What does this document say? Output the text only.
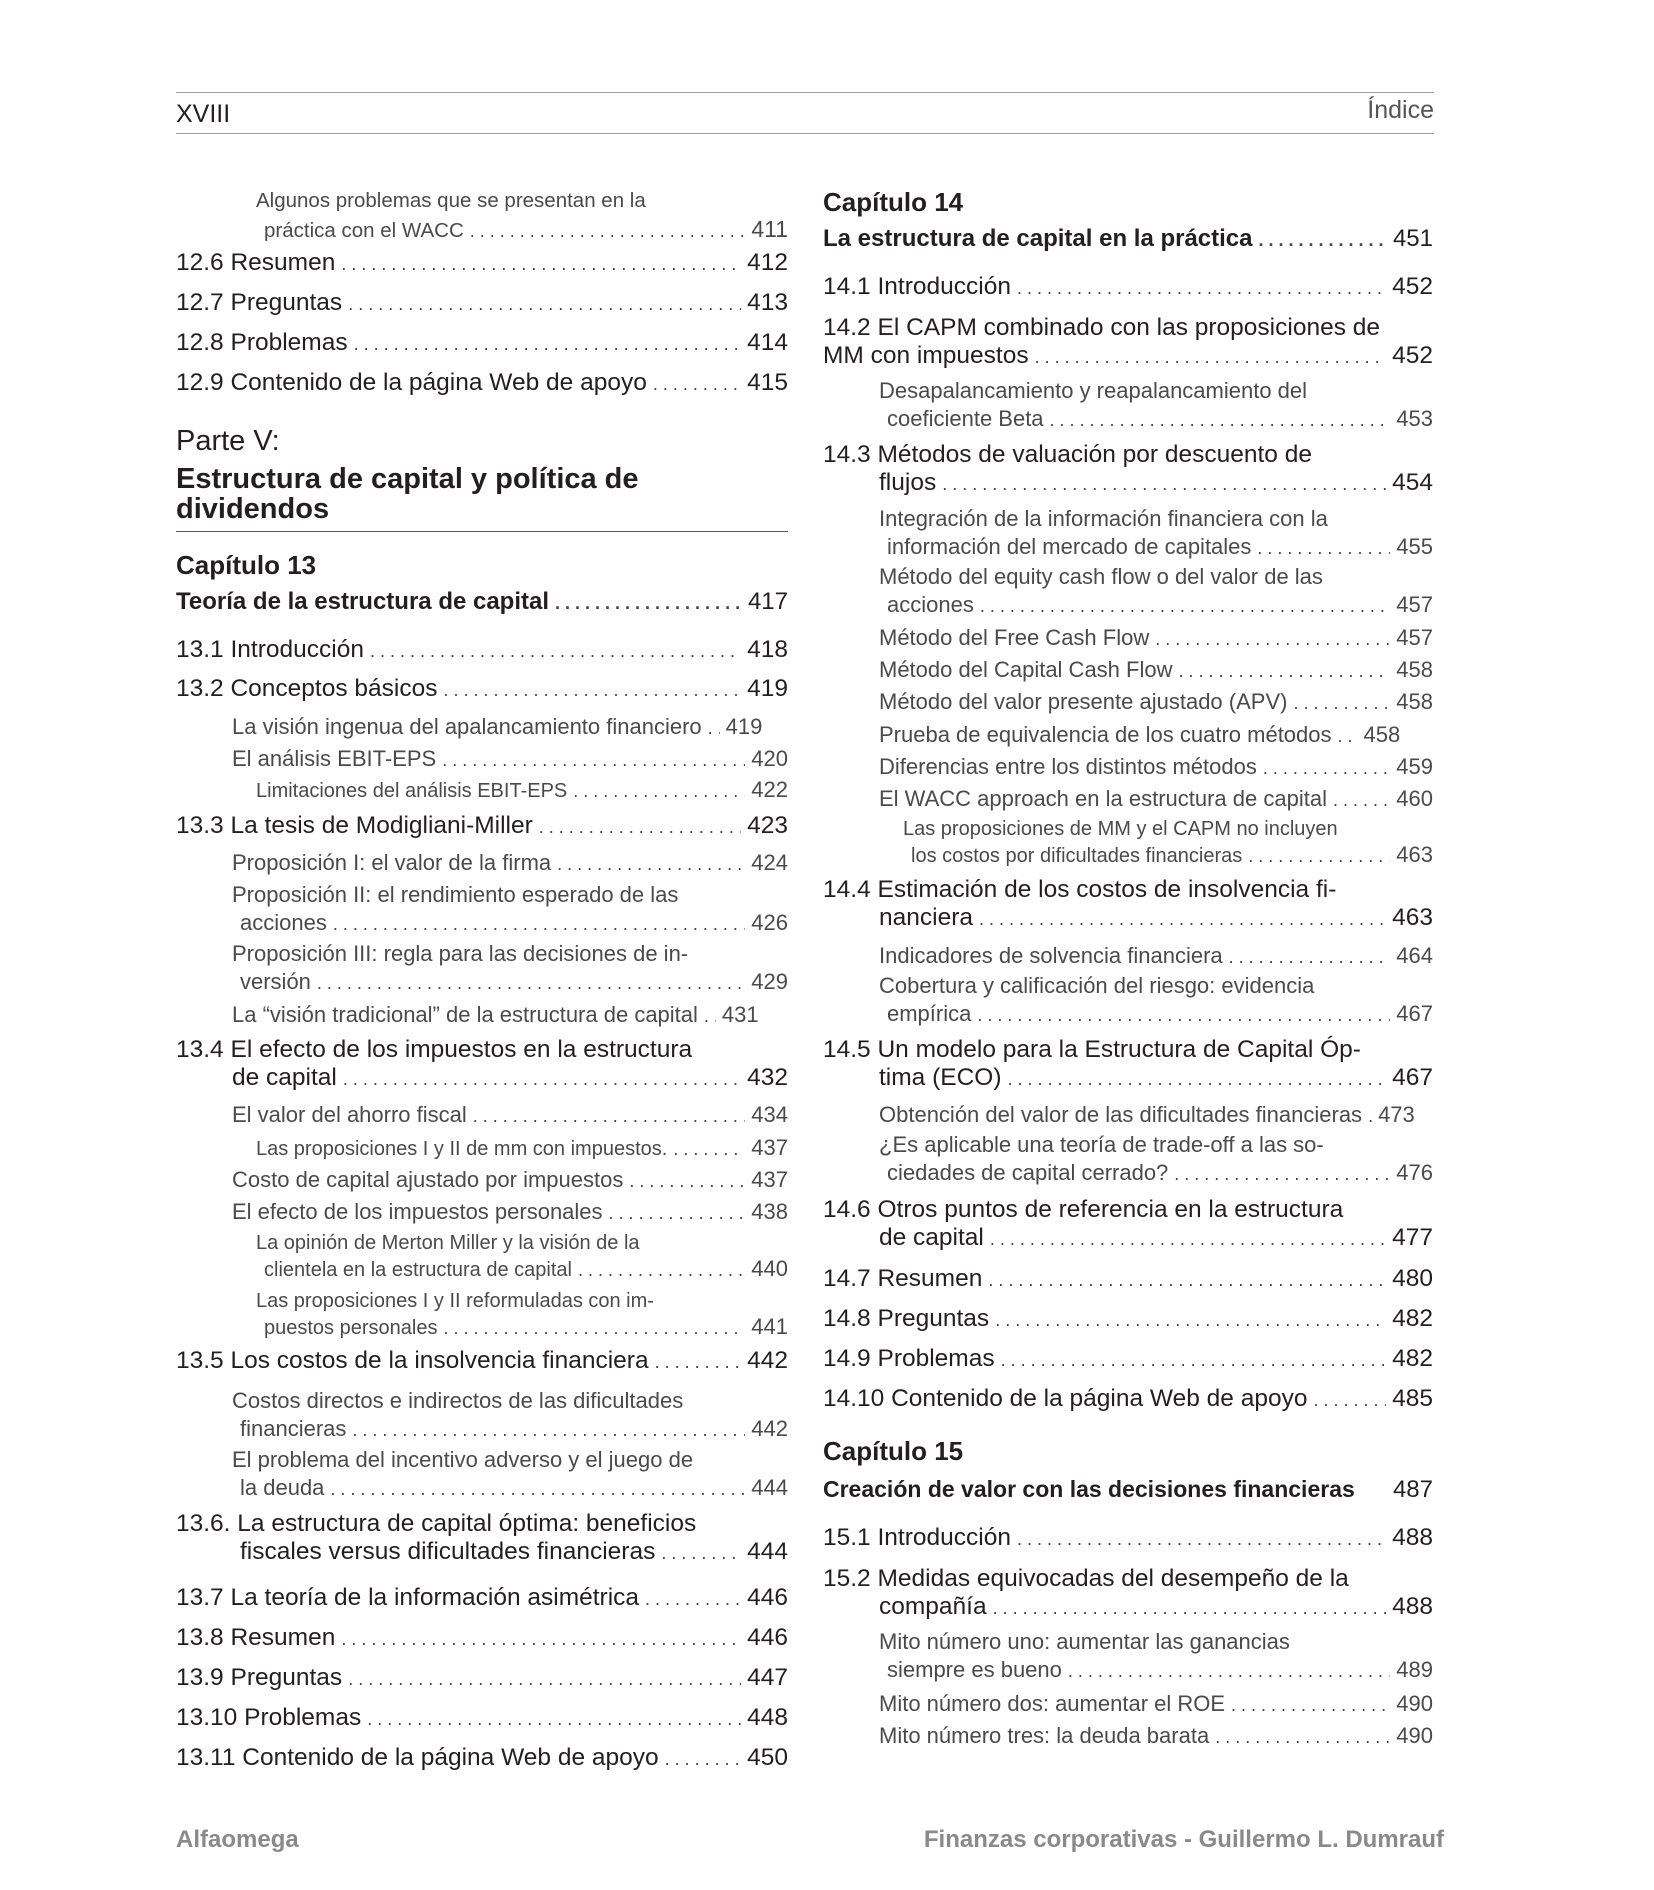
XVIII	Índice
Algunos problemas que se presentan en la
práctica con el WACC . . .	411
12.6 Resumen . . .	412
12.7 Preguntas . . .	413
12.8 Problemas . . .	414
12.9 Contenido de la página Web de apoyo . . .	415
Parte V:
Estructura de capital y política de dividendos
Capítulo 13
Teoría de la estructura de capital . . .	417
13.1 Introducción . . .	418
13.2 Conceptos básicos . . .	419
La visión ingenua del apalancamiento financiero . . . 419
El análisis EBIT-EPS . . .	420
Limitaciones del análisis EBIT-EPS . . .	422
13.3 La tesis de Modigliani-Miller . . .	423
Proposición I: el valor de la firma . . .	424
Proposición II: el rendimiento esperado de las
acciones . . .	426
Proposición III: regla para las decisiones de in-
versión . . .	429
La “visión tradicional” de la estructura de capital . . . 431
13.4 El efecto de los impuestos en la estructura
de capital . . .	432
El valor del ahorro fiscal . . .	434
Las proposiciones I y II de mm con impuestos. . . .	437
Costo de capital ajustado por impuestos . . .	437
El efecto de los impuestos personales . . .	438
La opinión de Merton Miller y la visión de la
clientela en la estructura de capital . . .	440
Las proposiciones I y II reformuladas con im-
puestos personales . . .	441
13.5 Los costos de la insolvencia financiera . . .	442
Costos directos e indirectos de las dificultades
financieras . . .	442
El problema del incentivo adverso y el juego de
la deuda . . .	444
13.6. La estructura de capital óptima: beneficios
fiscales versus dificultades financieras . . .	444
13.7 La teoría de la información asimétrica . . .	446
13.8 Resumen . . .	446
13.9 Preguntas . . .	447
13.10 Problemas . . .	448
13.11 Contenido de la página Web de apoyo . . .	450
Capítulo 14
La estructura de capital en la práctica . . .	451
14.1 Introducción . . .	452
14.2 El CAPM combinado con las proposiciones de
MM con impuestos . . .	452
Desapalancamiento y reapalancamiento del
coeficiente Beta . . .	453
14.3 Métodos de valuación por descuento de
flujos . . .	454
Integración de la información financiera con la
información del mercado de capitales . . .	455
Método del equity cash flow o del valor de las
acciones . . .	457
Método del Free Cash Flow . . .	457
Método del Capital Cash Flow . . .	458
Método del valor presente ajustado (APV) . . .	458
Prueba de equivalencia de los cuatro métodos . . . 458
Diferencias entre los distintos métodos . . .	459
El WACC approach en la estructura de capital . . .	460
Las proposiciones de MM y el CAPM no incluyen
los costos por dificultades financieras . . .	463
14.4 Estimación de los costos de insolvencia fi-
nanciera . . .	463
Indicadores de solvencia financiera . . .	464
Cobertura y calificación del riesgo: evidencia
empírica . . .	467
14.5 Un modelo para la Estructura de Capital Óp-
tima (ECO) . . .	467
Obtención del valor de las dificultades financieras . . . 473
¿Es aplicable una teoría de trade-off a las so-
ciedades de capital cerrado? . . .	476
14.6 Otros puntos de referencia en la estructura
de capital . . .	477
14.7 Resumen . . .	480
14.8 Preguntas . . .	482
14.9 Problemas . . .	482
14.10 Contenido de la página Web de apoyo . . .	485
Capítulo 15
Creación de valor con las decisiones financieras 487
15.1 Introducción . . .	488
15.2 Medidas equivocadas del desempeño de la
compañía . . .	488
Mito número uno: aumentar las ganancias
siempre es bueno . . .	489
Mito número dos: aumentar el ROE . . .	490
Mito número tres: la deuda barata . . .	490
Alfaomega	Finanzas corporativas - Guillermo L. Dumrauf
